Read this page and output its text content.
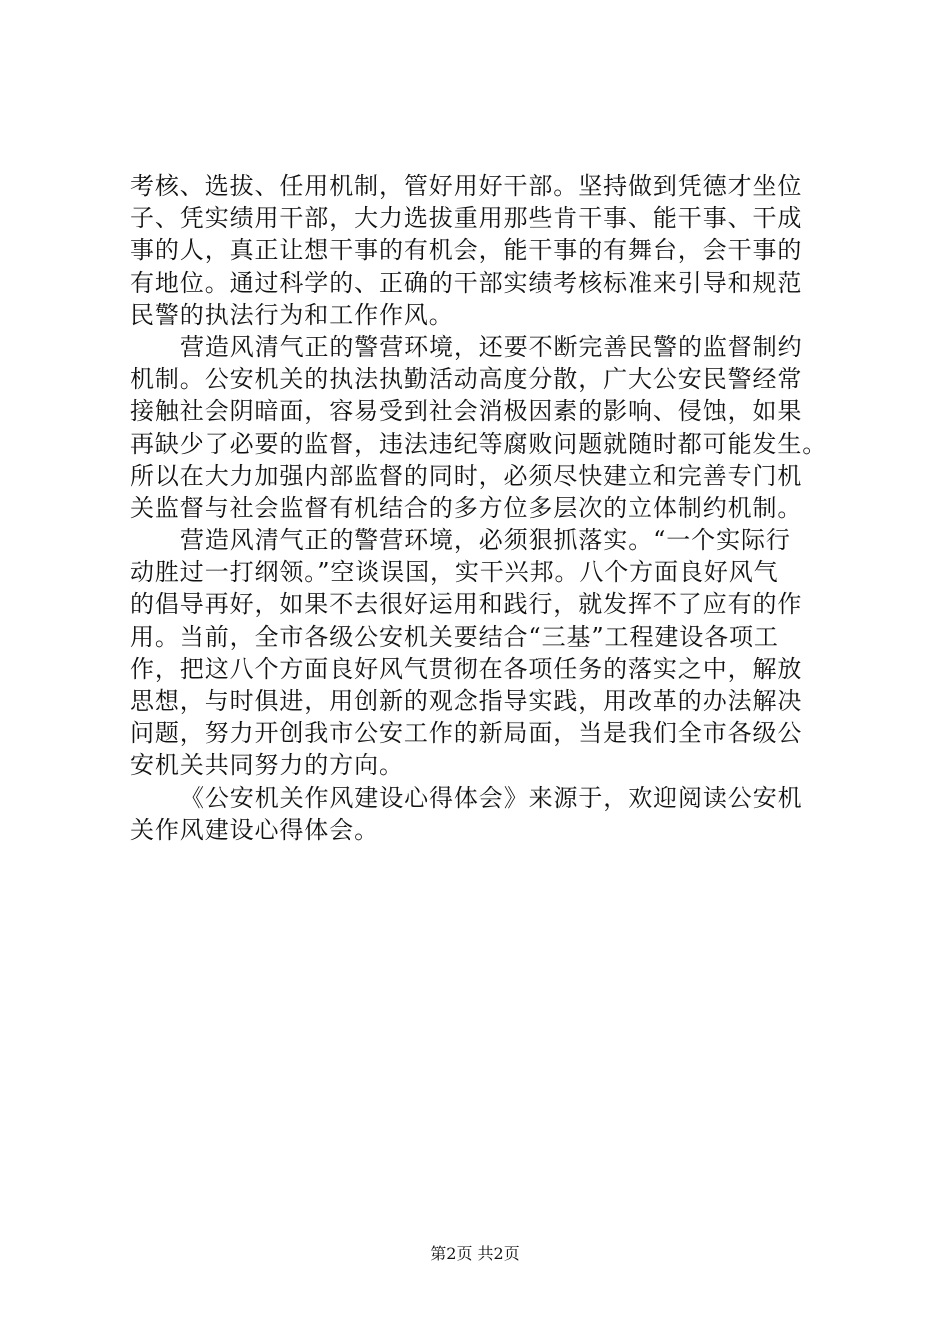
考核、选拔、任用机制，管好用好干部。坚持做到凭德才坐位
子、凭实绩用干部，大力选拔重用那些肯干事、能干事、干成
事的人，真正让想干事的有机会，能干事的有舞台，会干事的
有地位。通过科学的、正确的干部实绩考核标准来引导和规范
民警的执法行为和工作作风。
营造风清气正的警营环境，还要不断完善民警的监督制约
机制。公安机关的执法执勤活动高度分散，广大公安民警经常
接触社会阴暗面，容易受到社会消极因素的影响、侵蚀，如果
再缺少了必要的监督，违法违纪等腐败问题就随时都可能发生。
所以在大力加强内部监督的同时，必须尽快建立和完善专门机
关监督与社会监督有机结合的多方位多层次的立体制约机制。
营造风清气正的警营环境，必须狠抓落实。“一个实际行
动胜过一打纲领。”空谈误国，实干兴邦。八个方面良好风气
的倡导再好，如果不去很好运用和践行，就发挥不了应有的作
用。当前，全市各级公安机关要结合“三基”工程建设各项工
作，把这八个方面良好风气贯彻在各项任务的落实之中，解放
思想，与时俱进，用创新的观念指导实践，用改革的办法解决
问题，努力开创我市公安工作的新局面，当是我们全市各级公
安机关共同努力的方向。
《公安机关作风建设心得体会》来源于，欢迎阅读公安机
关作风建设心得体会。
第2页 共2页
